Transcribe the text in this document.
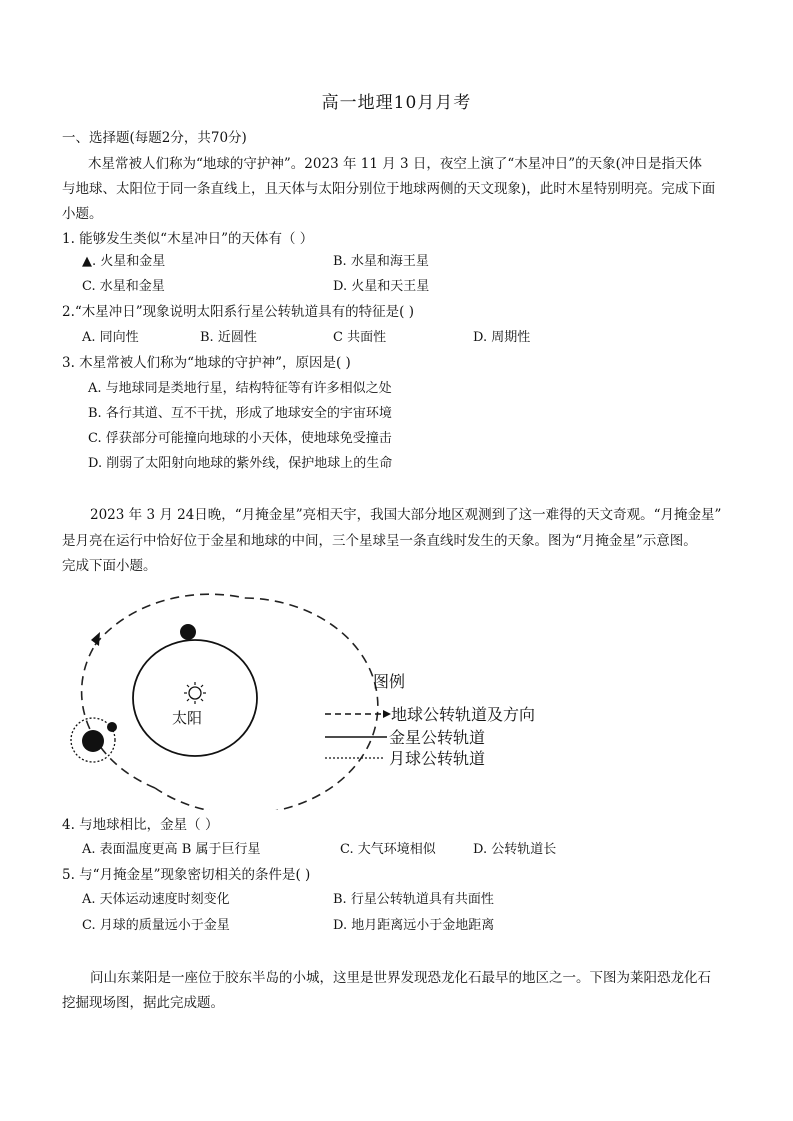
高一地理10月月考
一、选择题(每题2分，共70分)
木星常被人们称为“地球的守护神”。2023 年 11 月 3 日，夜空上演了“木星冲日”的天象(冲日是指天体
与地球、太阳位于同一条直线上，且天体与太阳分别位于地球两侧的天文现象)，此时木星特别明亮。完成下面
小题。
1. 能够发生类似“木星冲日”的天体有（ ）
▲. 火星和金星	B. 水星和海王星
C. 水星和金星	D. 火星和天王星
2.“木星冲日”现象说明太阳系行星公转轨道具有的特征是( )
A. 同向性	B. 近圆性	C 共面性	D. 周期性
3. 木星常被人们称为“地球的守护神”，原因是( )
A. 与地球同是类地行星，结构特征等有许多相似之处
B. 各行其道、互不干扰，形成了地球安全的宇宙环境
C. 俘获部分可能撞向地球的小天体，使地球免受撞击
D. 削弱了太阳射向地球的紫外线，保护地球上的生命
2023 年 3 月 24日晚，“月掩金星”亮相天宇，我国大部分地区观测到了这一难得的天文奇观。“月掩金星”
是月亮在运行中恰好位于金星和地球的中间，三个星球呈一条直线时发生的天象。图为“月掩金星”示意图。
完成下面小题。
太阳
图例
地球公转轨道及方向
金星公转轨道
月球公转轨道
4. 与地球相比，金星（ ）
A. 表面温度更高 B 属于巨行星	C. 大气环境相似	D. 公转轨道长
5. 与“月掩金星”现象密切相关的条件是( )
A. 天体运动速度时刻变化	B. 行星公转轨道具有共面性
C. 月球的质量远小于金星	D. 地月距离远小于金地距离
问山东莱阳是一座位于胶东半岛的小城，这里是世界发现恐龙化石最早的地区之一。下图为莱阳恐龙化石
挖掘现场图，据此完成题。
